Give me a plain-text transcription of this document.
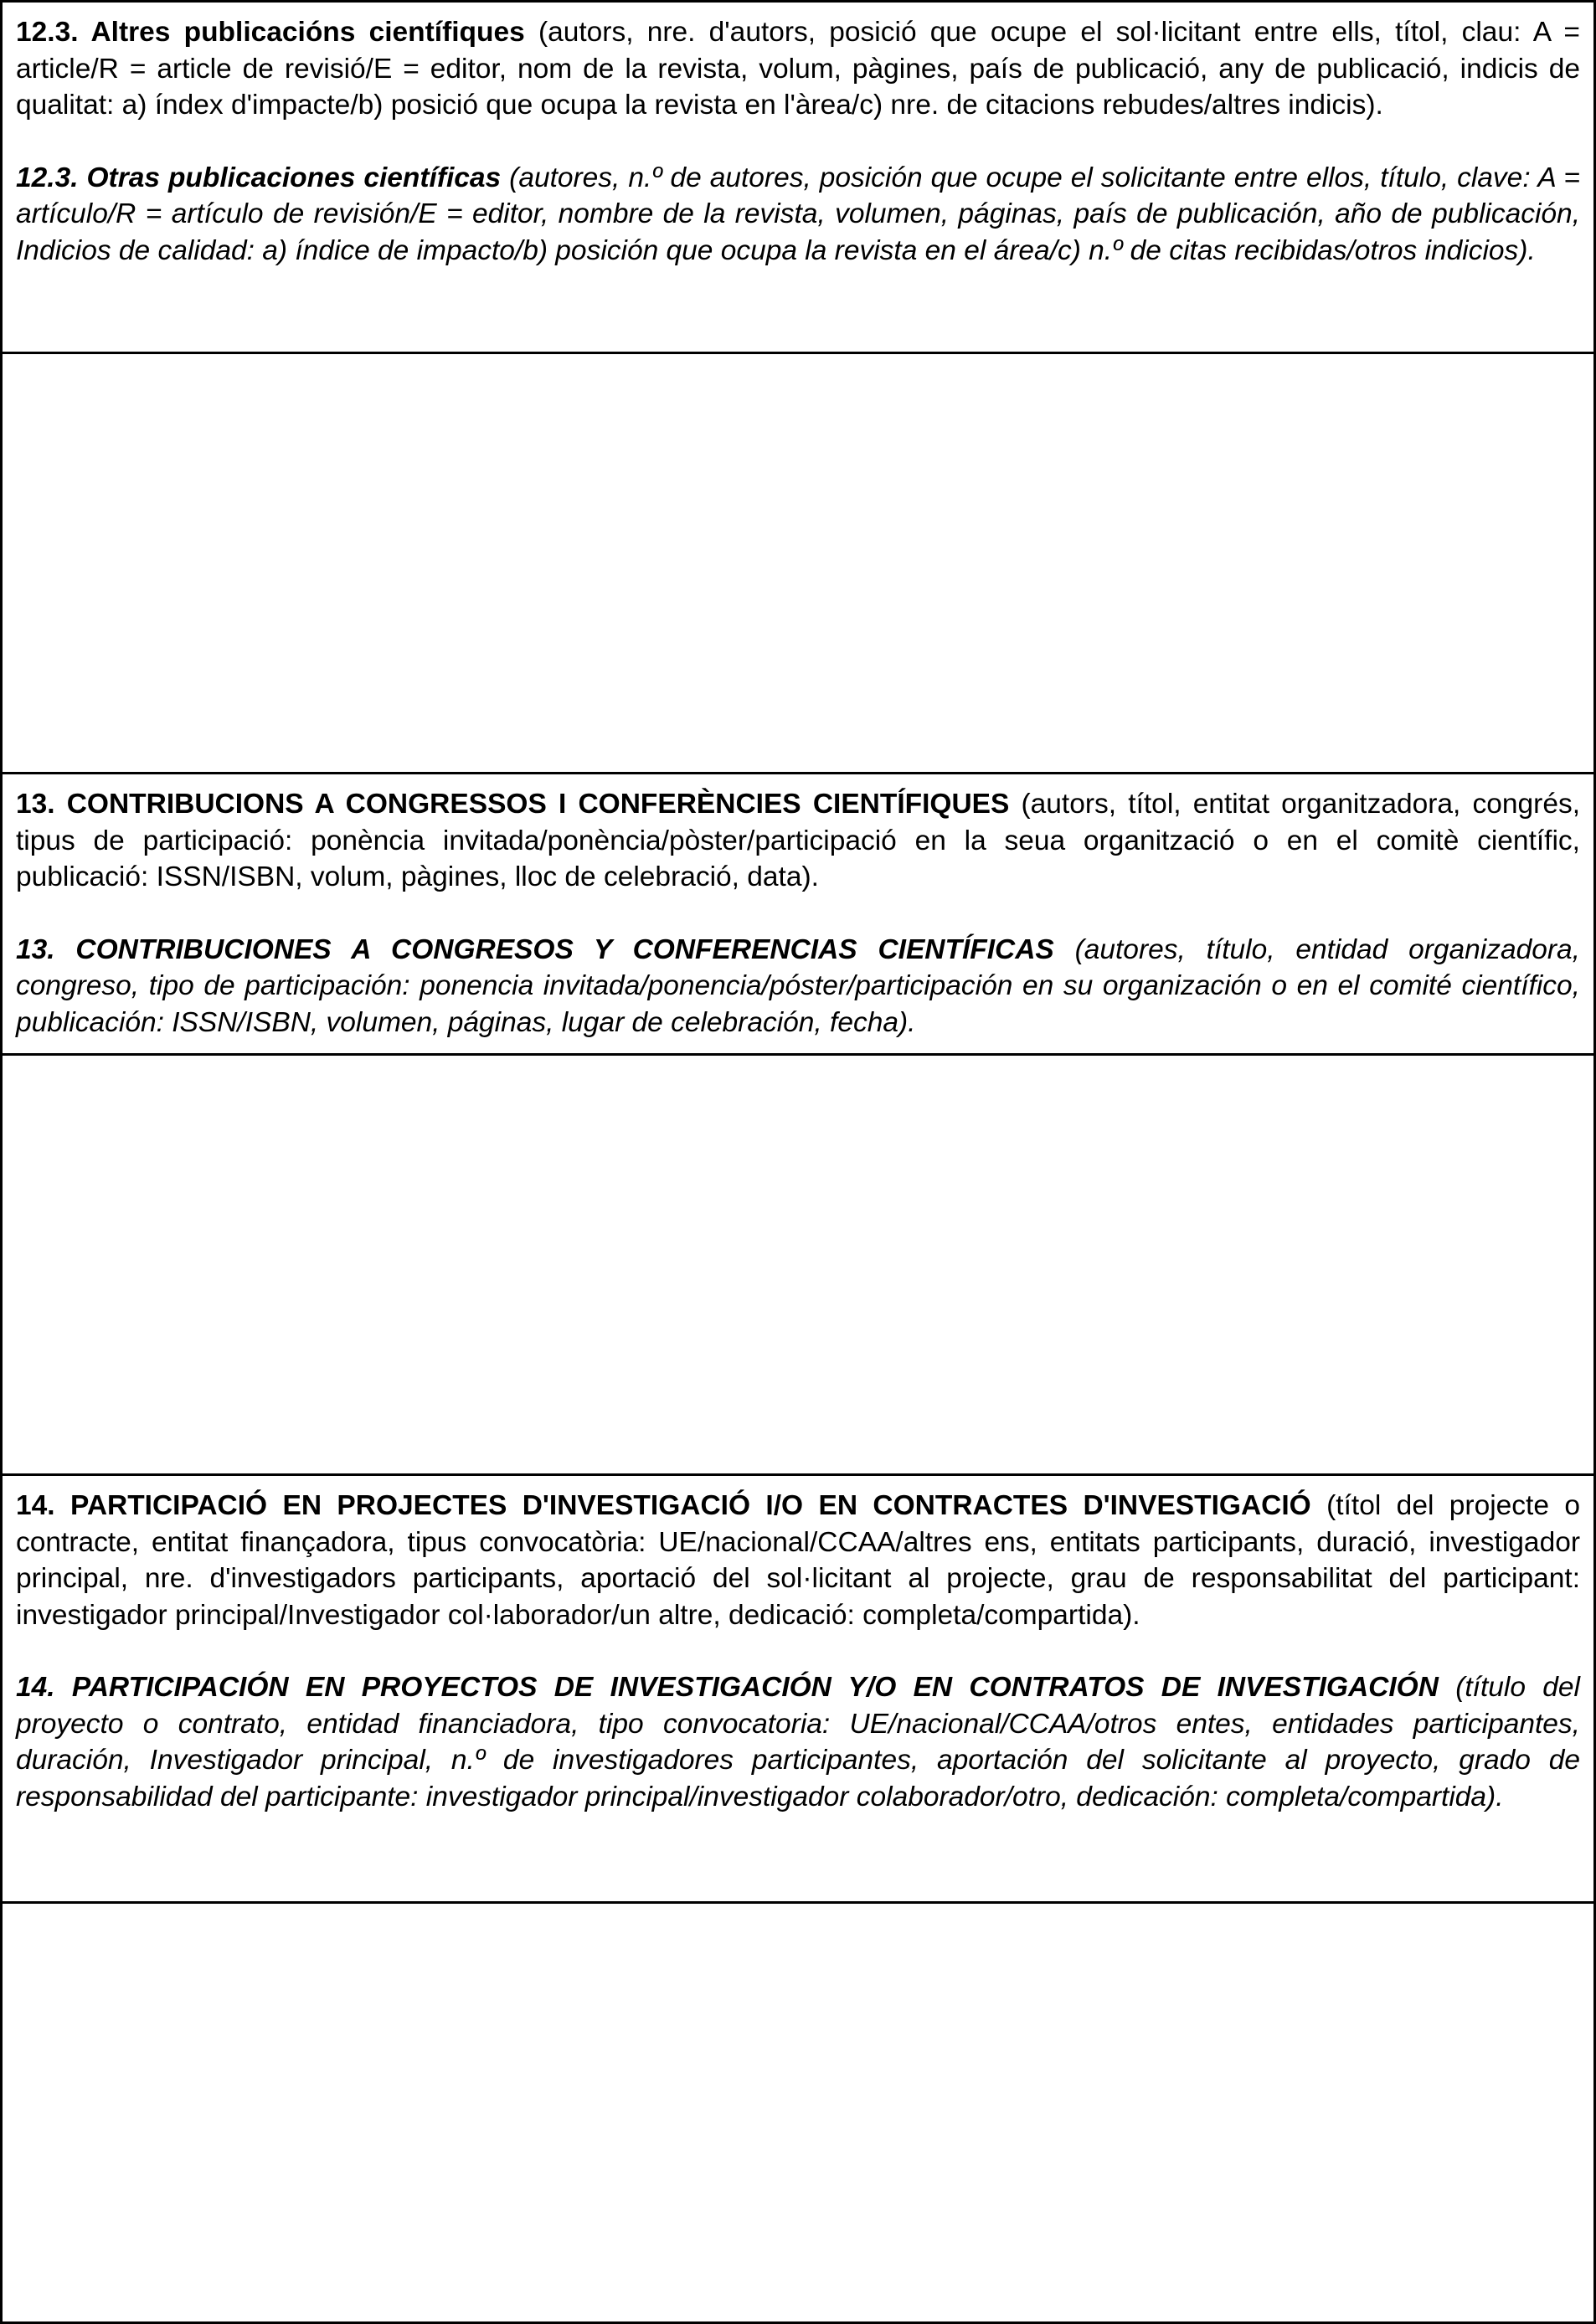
12.3. Altres publicacións científiques (autors, nre. d'autors, posició que ocupe el sol·licitant entre ells, títol, clau: A = article/R = article de revisió/E = editor, nom de la revista, volum, pàgines, país de publicació, any de publicació, indicis de qualitat: a) índex d'impacte/b) posició que ocupa la revista en l'àrea/c) nre. de citacions rebudes/altres indicis).

12.3. Otras publicaciones científicas (autores, n.º de autores, posición que ocupe el solicitante entre ellos, título, clave: A = artículo/R = artículo de revisión/E = editor, nombre de la revista, volumen, páginas, país de publicación, año de publicación, Indicios de calidad: a) índice de impacto/b) posición que ocupa la revista en el área/c) n.º de citas recibidas/otros indicios).

13. CONTRIBUCIONS A CONGRESSOS I CONFERÈNCIES CIENTÍFIQUES (autors, títol, entitat organitzadora, congrés, tipus de participació: ponència invitada/ponència/pòster/participació en la seua organització o en el comitè científic, publicació: ISSN/ISBN, volum, pàgines, lloc de celebració, data).

13. CONTRIBUCIONES A CONGRESOS Y CONFERENCIAS CIENTÍFICAS (autores, título, entidad organizadora, congreso, tipo de participación: ponencia invitada/ponencia/póster/participación en su organización o en el comité científico, publicación: ISSN/ISBN, volumen, páginas, lugar de celebración, fecha).

14. PARTICIPACIÓ EN PROJECTES D'INVESTIGACIÓ I/O EN CONTRACTES D'INVESTIGACIÓ (títol del projecte o contracte, entitat finançadora, tipus convocatòria: UE/nacional/CCAA/altres ens, entitats participants, duració, investigador principal, nre. d'investigadors participants, aportació del sol·licitant al projecte, grau de responsabilitat del participant: investigador principal/Investigador col·laborador/un altre, dedicació: completa/compartida).

14. PARTICIPACIÓN EN PROYECTOS DE INVESTIGACIÓN Y/O EN CONTRATOS DE INVESTIGACIÓN (título del proyecto o contrato, entidad financiadora, tipo convocatoria: UE/nacional/CCAA/otros entes, entidades participantes, duración, Investigador principal, n.º de investigadores participantes, aportación del solicitante al proyecto, grado de responsabilidad del participante: investigador principal/investigador colaborador/otro, dedicación: completa/compartida).
